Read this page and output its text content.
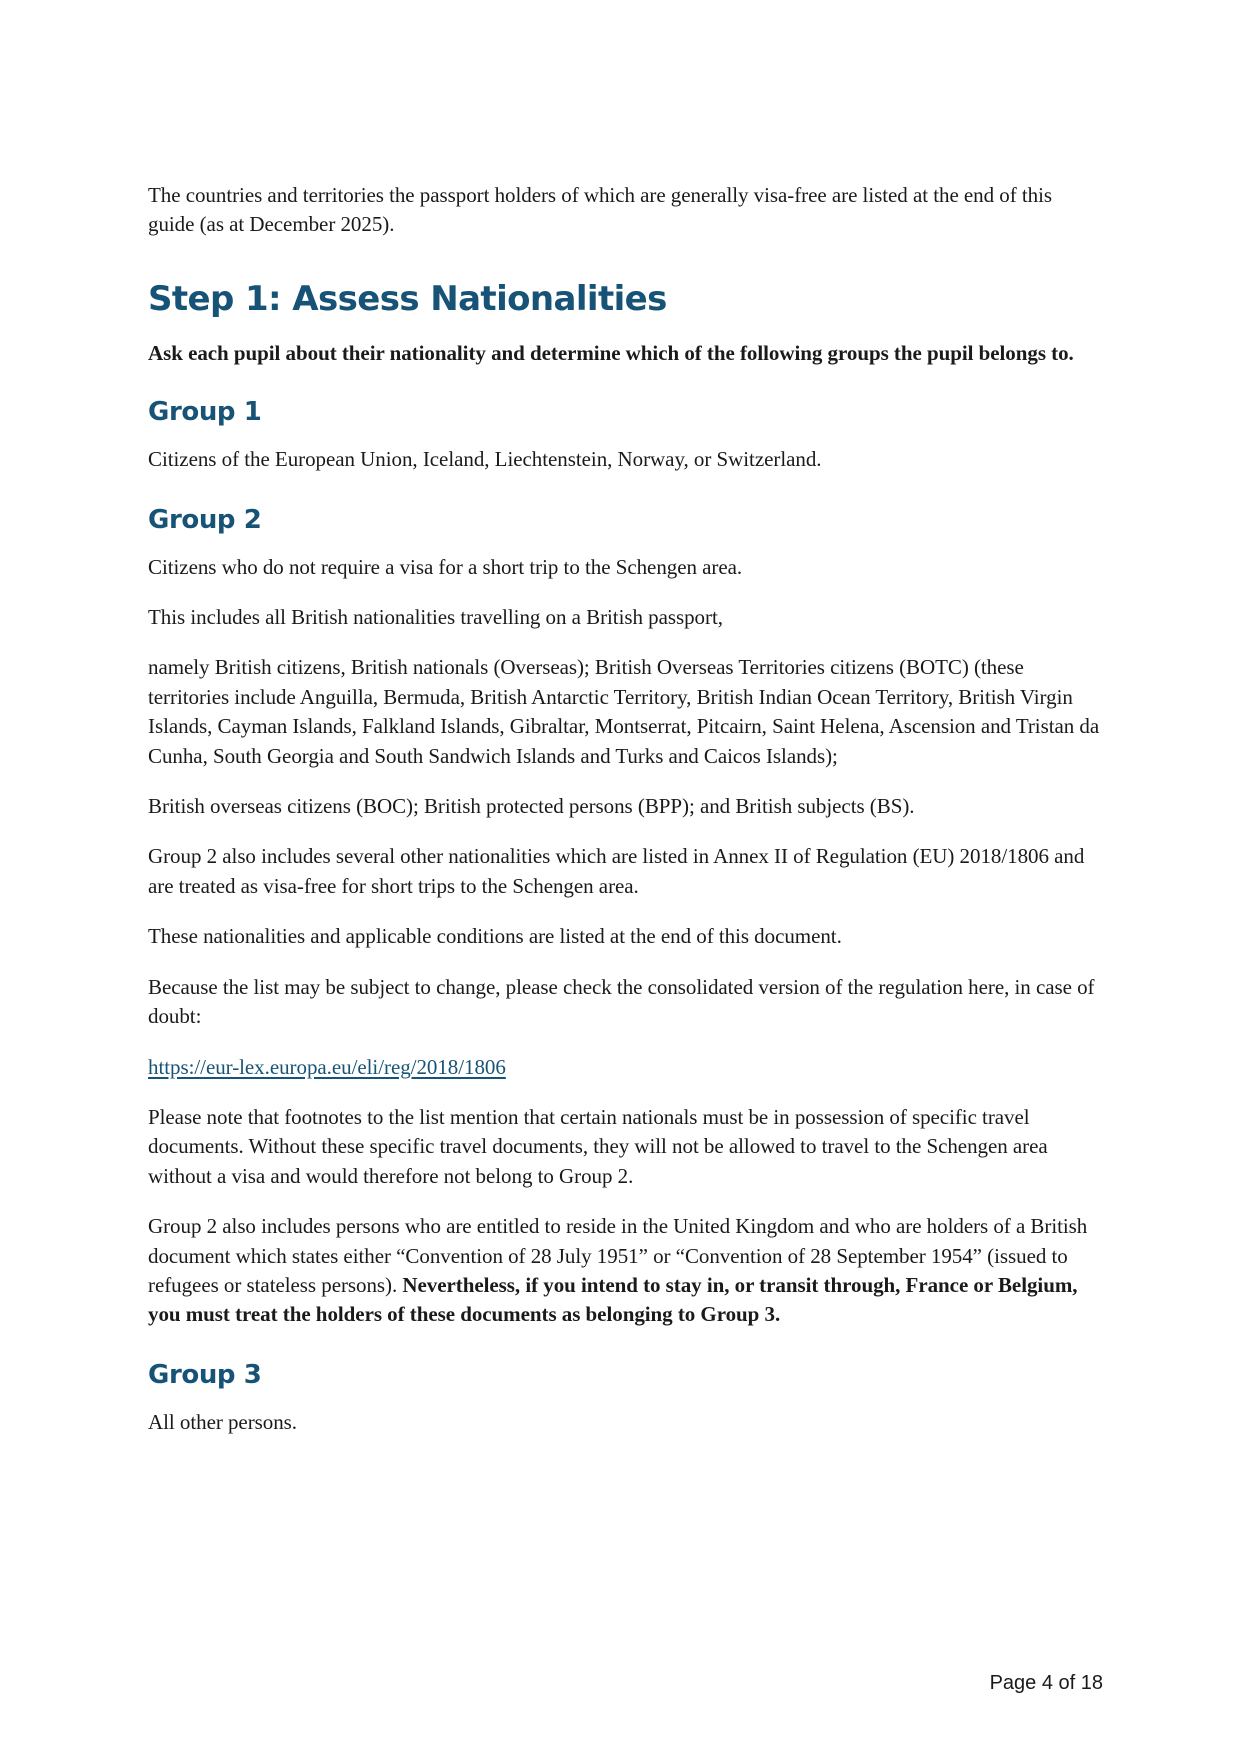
The countries and territories the passport holders of which are generally visa-free are listed at the end of this guide (as at December 2025).

Step 1: Assess Nationalities

Ask each pupil about their nationality and determine which of the following groups the pupil belongs to.

Group 1

Citizens of the European Union, Iceland, Liechtenstein, Norway, or Switzerland.

Group 2

Citizens who do not require a visa for a short trip to the Schengen area.

This includes all British nationalities travelling on a British passport,

namely British citizens, British nationals (Overseas); British Overseas Territories citizens (BOTC) (these territories include Anguilla, Bermuda, British Antarctic Territory, British Indian Ocean Territory, British Virgin Islands, Cayman Islands, Falkland Islands, Gibraltar, Montserrat, Pitcairn, Saint Helena, Ascension and Tristan da Cunha, South Georgia and South Sandwich Islands and Turks and Caicos Islands);

British overseas citizens (BOC); British protected persons (BPP); and British subjects (BS).

Group 2 also includes several other nationalities which are listed in Annex II of Regulation (EU) 2018/1806 and are treated as visa-free for short trips to the Schengen area.

These nationalities and applicable conditions are listed at the end of this document.

Because the list may be subject to change, please check the consolidated version of the regulation here, in case of doubt:

https://eur-lex.europa.eu/eli/reg/2018/1806

Please note that footnotes to the list mention that certain nationals must be in possession of specific travel documents. Without these specific travel documents, they will not be allowed to travel to the Schengen area without a visa and would therefore not belong to Group 2.

Group 2 also includes persons who are entitled to reside in the United Kingdom and who are holders of a British document which states either “Convention of 28 July 1951” or “Convention of 28 September 1954” (issued to refugees or stateless persons). Nevertheless, if you intend to stay in, or transit through, France or Belgium, you must treat the holders of these documents as belonging to Group 3.

Group 3

All other persons.

Page 4 of 18
